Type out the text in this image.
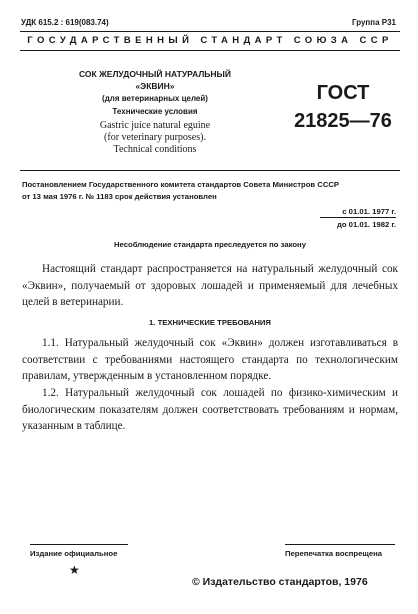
УДК 615.2 : 619(083.74)	Группа Р31
ГОСУДАРСТВЕННЫЙ СТАНДАРТ СОЮЗА ССР
СОК ЖЕЛУДОЧНЫЙ НАТУРАЛЬНЫЙ
«ЭКВИН»
(для ветеринарных целей)
Технические условия
Gastric juice natural eguine
(for veterinary purposes).
Technical conditions
ГОСТ
21825—76
Постановлением Государственного комитета стандартов Совета Министров СССР
от 13 мая 1976 г. № 1183 срок действия установлен
с 01.01. 1977 г.
до 01.01. 1982 г.
Несоблюдение стандарта преследуется по закону

Настоящий стандарт распространяется на натуральный желудочный сок «Эквин», получаемый от здоровых лошадей и применяемый для лечебных целей в ветеринарии.

1. ТЕХНИЧЕСКИЕ ТРЕБОВАНИЯ

1.1. Натуральный желудочный сок «Эквин» должен изготавливаться в соответствии с требованиями настоящего стандарта по технологическим правилам, утвержденным в установленном порядке.

1.2. Натуральный желудочный сок лошадей по физико-химическим и биологическим показателям должен соответствовать требованиям и нормам, указанным в таблице.

Издание официальное	Перепечатка воспрещена
★
© Издательство стандартов, 1976
